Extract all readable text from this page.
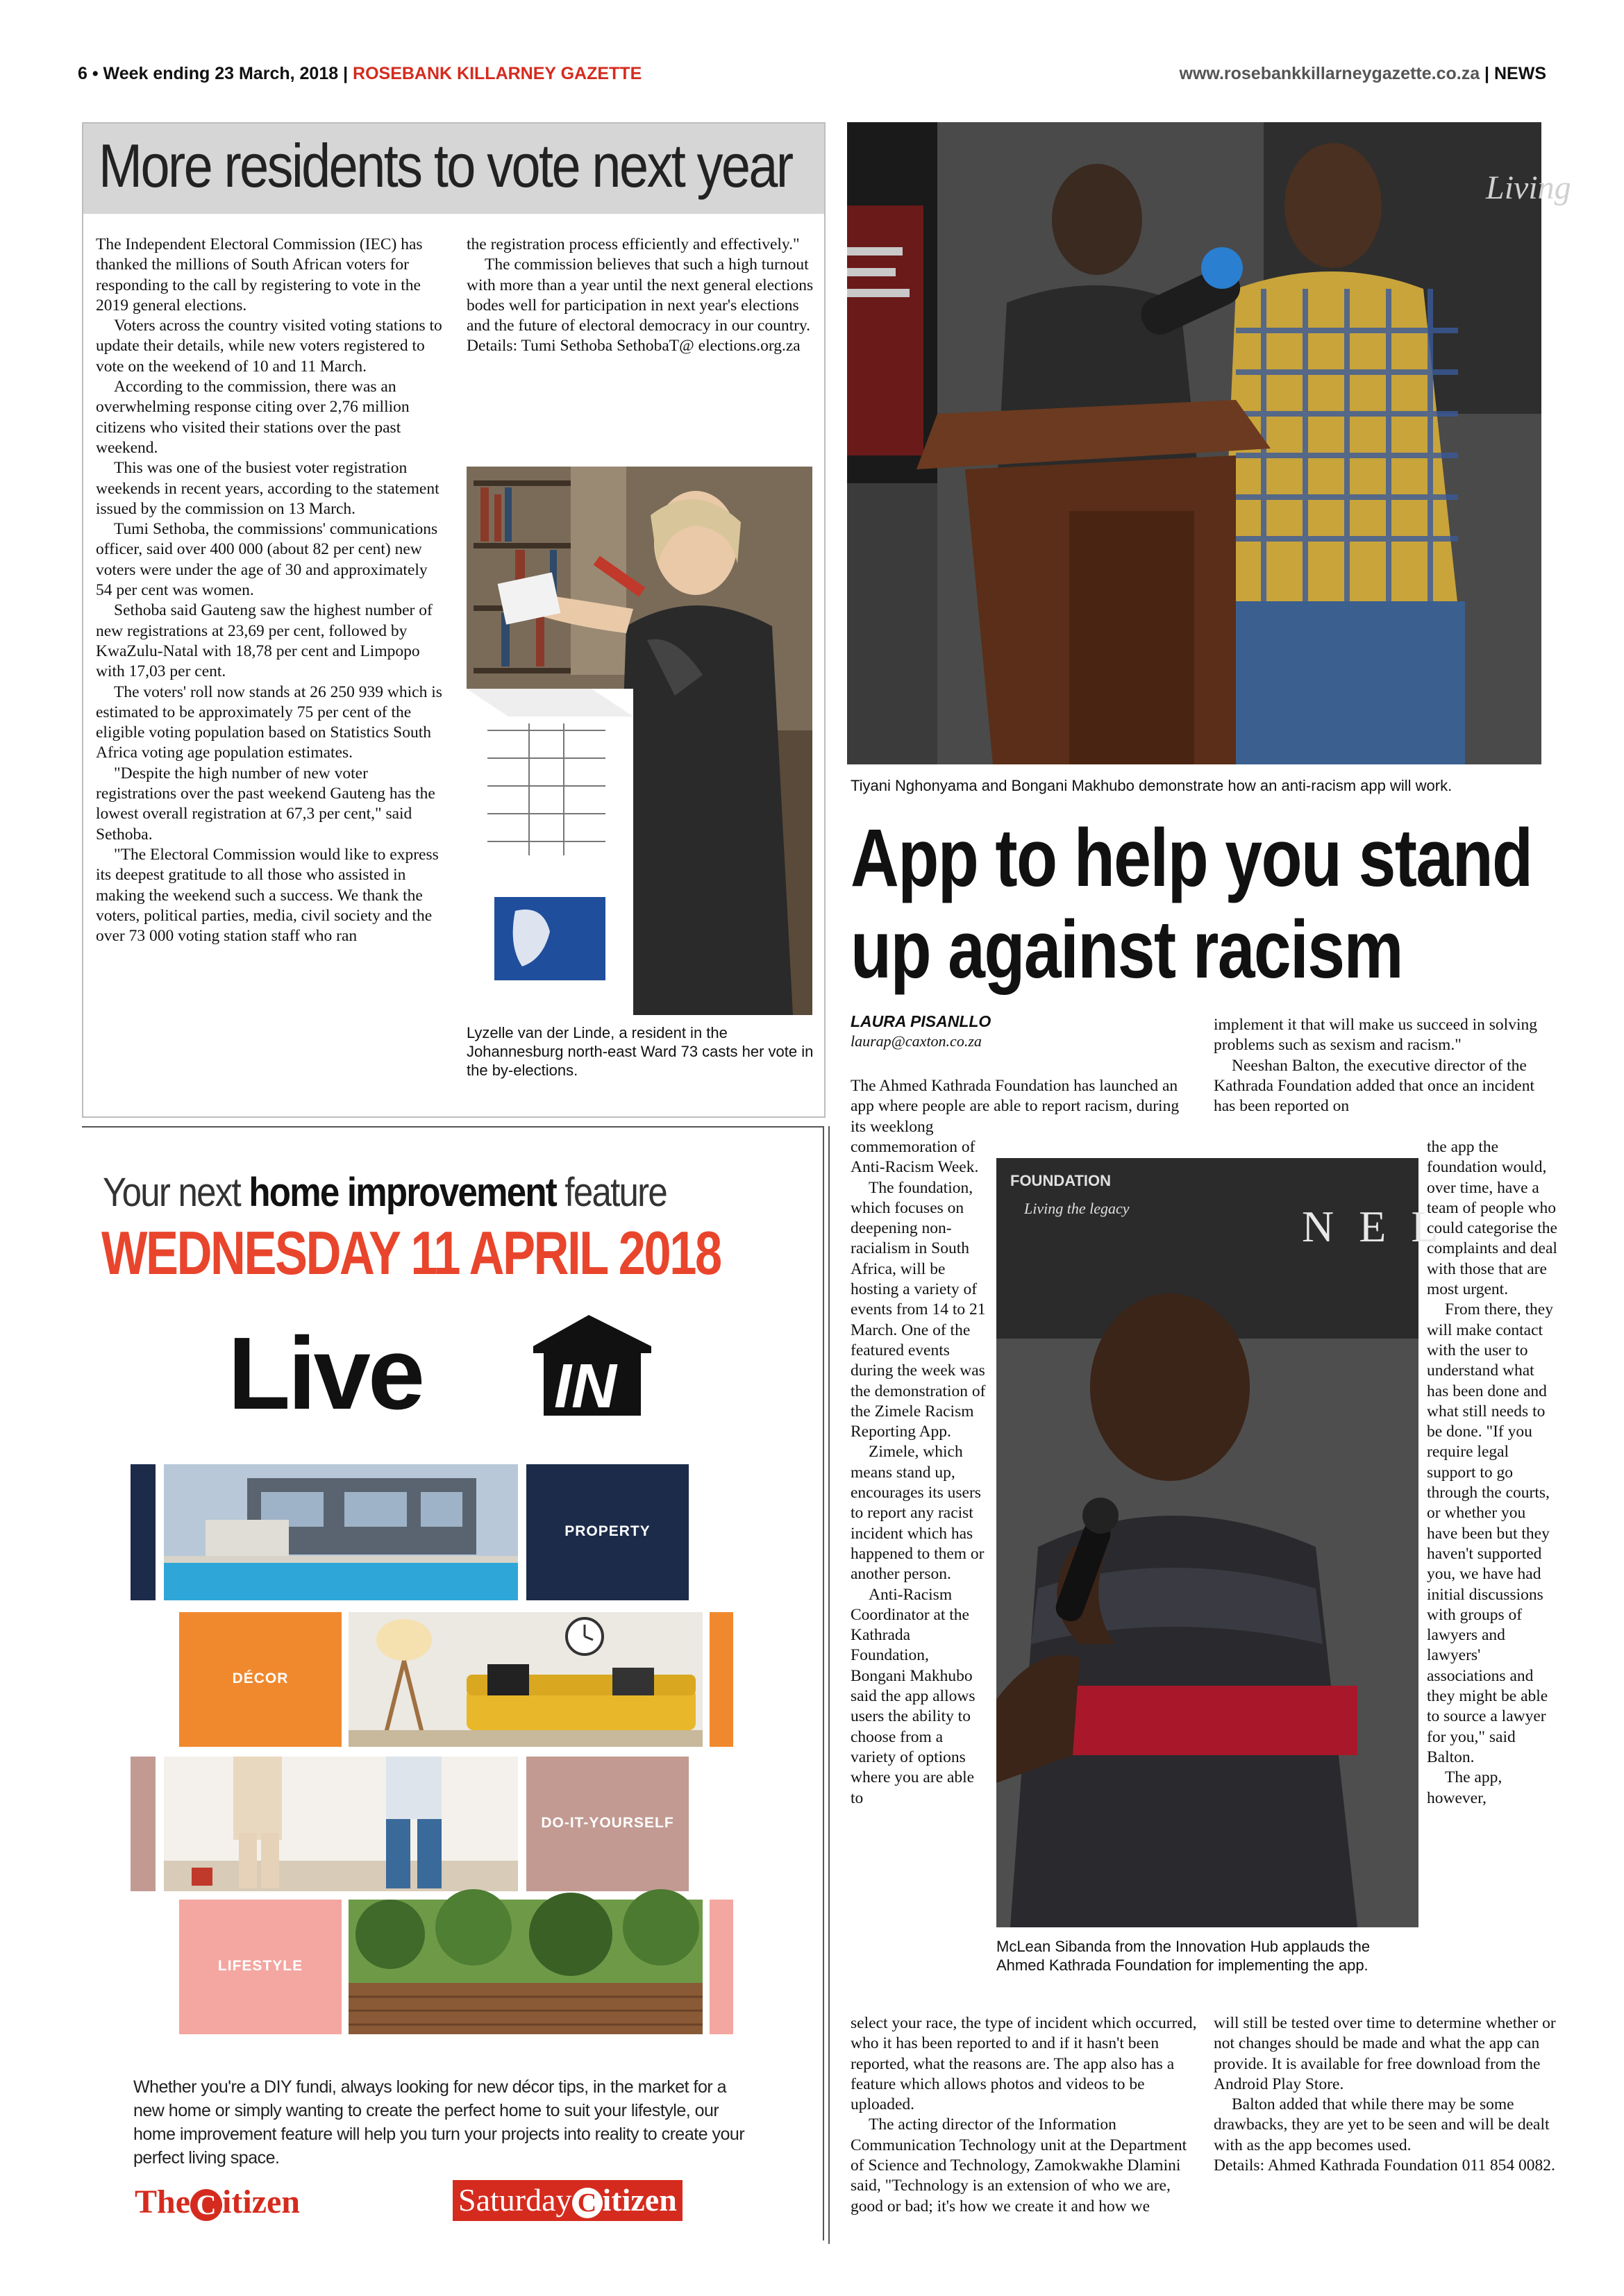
6 • Week ending 23 March, 2018 | ROSEBANK KILLARNEY GAZETTE	www.rosebankkillarneygazette.co.za | NEWS
More residents to vote next year

The Independent Electoral Commission (IEC) has thanked the millions of South African voters for responding to the call by registering to vote in the 2019 general elections.

Voters across the country visited voting stations to update their details, while new voters registered to vote on the weekend of 10 and 11 March.

According to the commission, there was an overwhelming response citing over 2,76 million citizens who visited their stations over the past weekend.

This was one of the busiest voter registration weekends in recent years, according to the statement issued by the commission on 13 March.

Tumi Sethoba, the commissions' communications officer, said over 400 000 (about 82 per cent) new voters were under the age of 30 and approximately 54 per cent was women.

Sethoba said Gauteng saw the highest number of new registrations at 23,69 per cent, followed by KwaZulu-Natal with 18,78 per cent and Limpopo with 17,03 per cent.

The voters' roll now stands at 26 250 939 which is estimated to be approximately 75 per cent of the eligible voting population based on Statistics South Africa voting age population estimates.

"Despite the high number of new voter registrations over the past weekend Gauteng has the lowest overall registration at 67,3 per cent," said Sethoba.

"The Electoral Commission would like to express its deepest gratitude to all those who assisted in making the weekend such a success. We thank the voters, political parties, media, civil society and the over 73 000 voting station staff who ran

the registration process efficiently and effectively."

The commission believes that such a high turnout with more than a year until the next general elections bodes well for participation in next year's elections and the future of electoral democracy in our country.

Details: Tumi Sethoba SethobaT@ elections.org.za

Lyzelle van der Linde, a resident in the Johannesburg north-east Ward 73 casts her vote in the by-elections.
Living
Tiyani Nghonyama and Bongani Makhubo demonstrate how an anti-racism app will work.
Your next home improvement feature
WEDNESDAY 11 APRIL 2018
Live IN
PROPERTY
DÉCOR
DO-IT-YOURSELF
LIFESTYLE
Whether you're a DIY fundi, always looking for new décor tips, in the market for a new home or simply wanting to create the perfect home to suit your lifestyle, our home improvement feature will help you turn your projects into reality to create your perfect living space.
The C itizen	Saturday C itizen
App to help you stand
up against racism
LAURA PISANLLO
laurap@caxton.co.za

The Ahmed Kathrada Foundation has launched an app where people are able to report racism, during its weeklong

commemoration of Anti-Racism Week.

The foundation, which focuses on deepening non-racialism in South Africa, will be hosting a variety of events from 14 to 21 March. One of the featured events during the week was the demonstration of the Zimele Racism Reporting App.

Zimele, which means stand up, encourages its users to report any racist incident which has happened to them or another person.

Anti-Racism Coordinator at the Kathrada Foundation, Bongani Makhubo said the app allows users the ability to choose from a variety of options where you are able to

select your race, the type of incident which occurred, who it has been reported to and if it hasn't been reported, what the reasons are. The app also has a feature which allows photos and videos to be uploaded.

The acting director of the Information Communication Technology unit at the Department of Science and Technology, Zamokwakhe Dlamini said, "Technology is an extension of who we are, good or bad; it's how we create it and how we

implement it that will make us succeed in solving problems such as sexism and racism."

Neeshan Balton, the executive director of the Kathrada Foundation added that once an incident has been reported on

the app the foundation would, over time, have a team of people who could categorise the complaints and deal with those that are most urgent.

From there, they will make contact with the user to understand what has been done and what still needs to be done. "If you require legal support to go through the courts, or whether you have been but they haven't supported you, we have had initial discussions with groups of lawyers and lawyers' associations and they might be able to source a lawyer for you," said Balton.

The app, however,

will still be tested over time to determine whether or not changes should be made and what the app can provide. It is available for free download from the Android Play Store.

Balton added that while there may be some drawbacks, they are yet to be seen and will be dealt with as the app becomes used.

Details: Ahmed Kathrada Foundation 011 854 0082.

FOUNDATION
Living the legacy	N E L
McLean Sibanda from the Innovation Hub applauds the Ahmed Kathrada Foundation for implementing the app.
